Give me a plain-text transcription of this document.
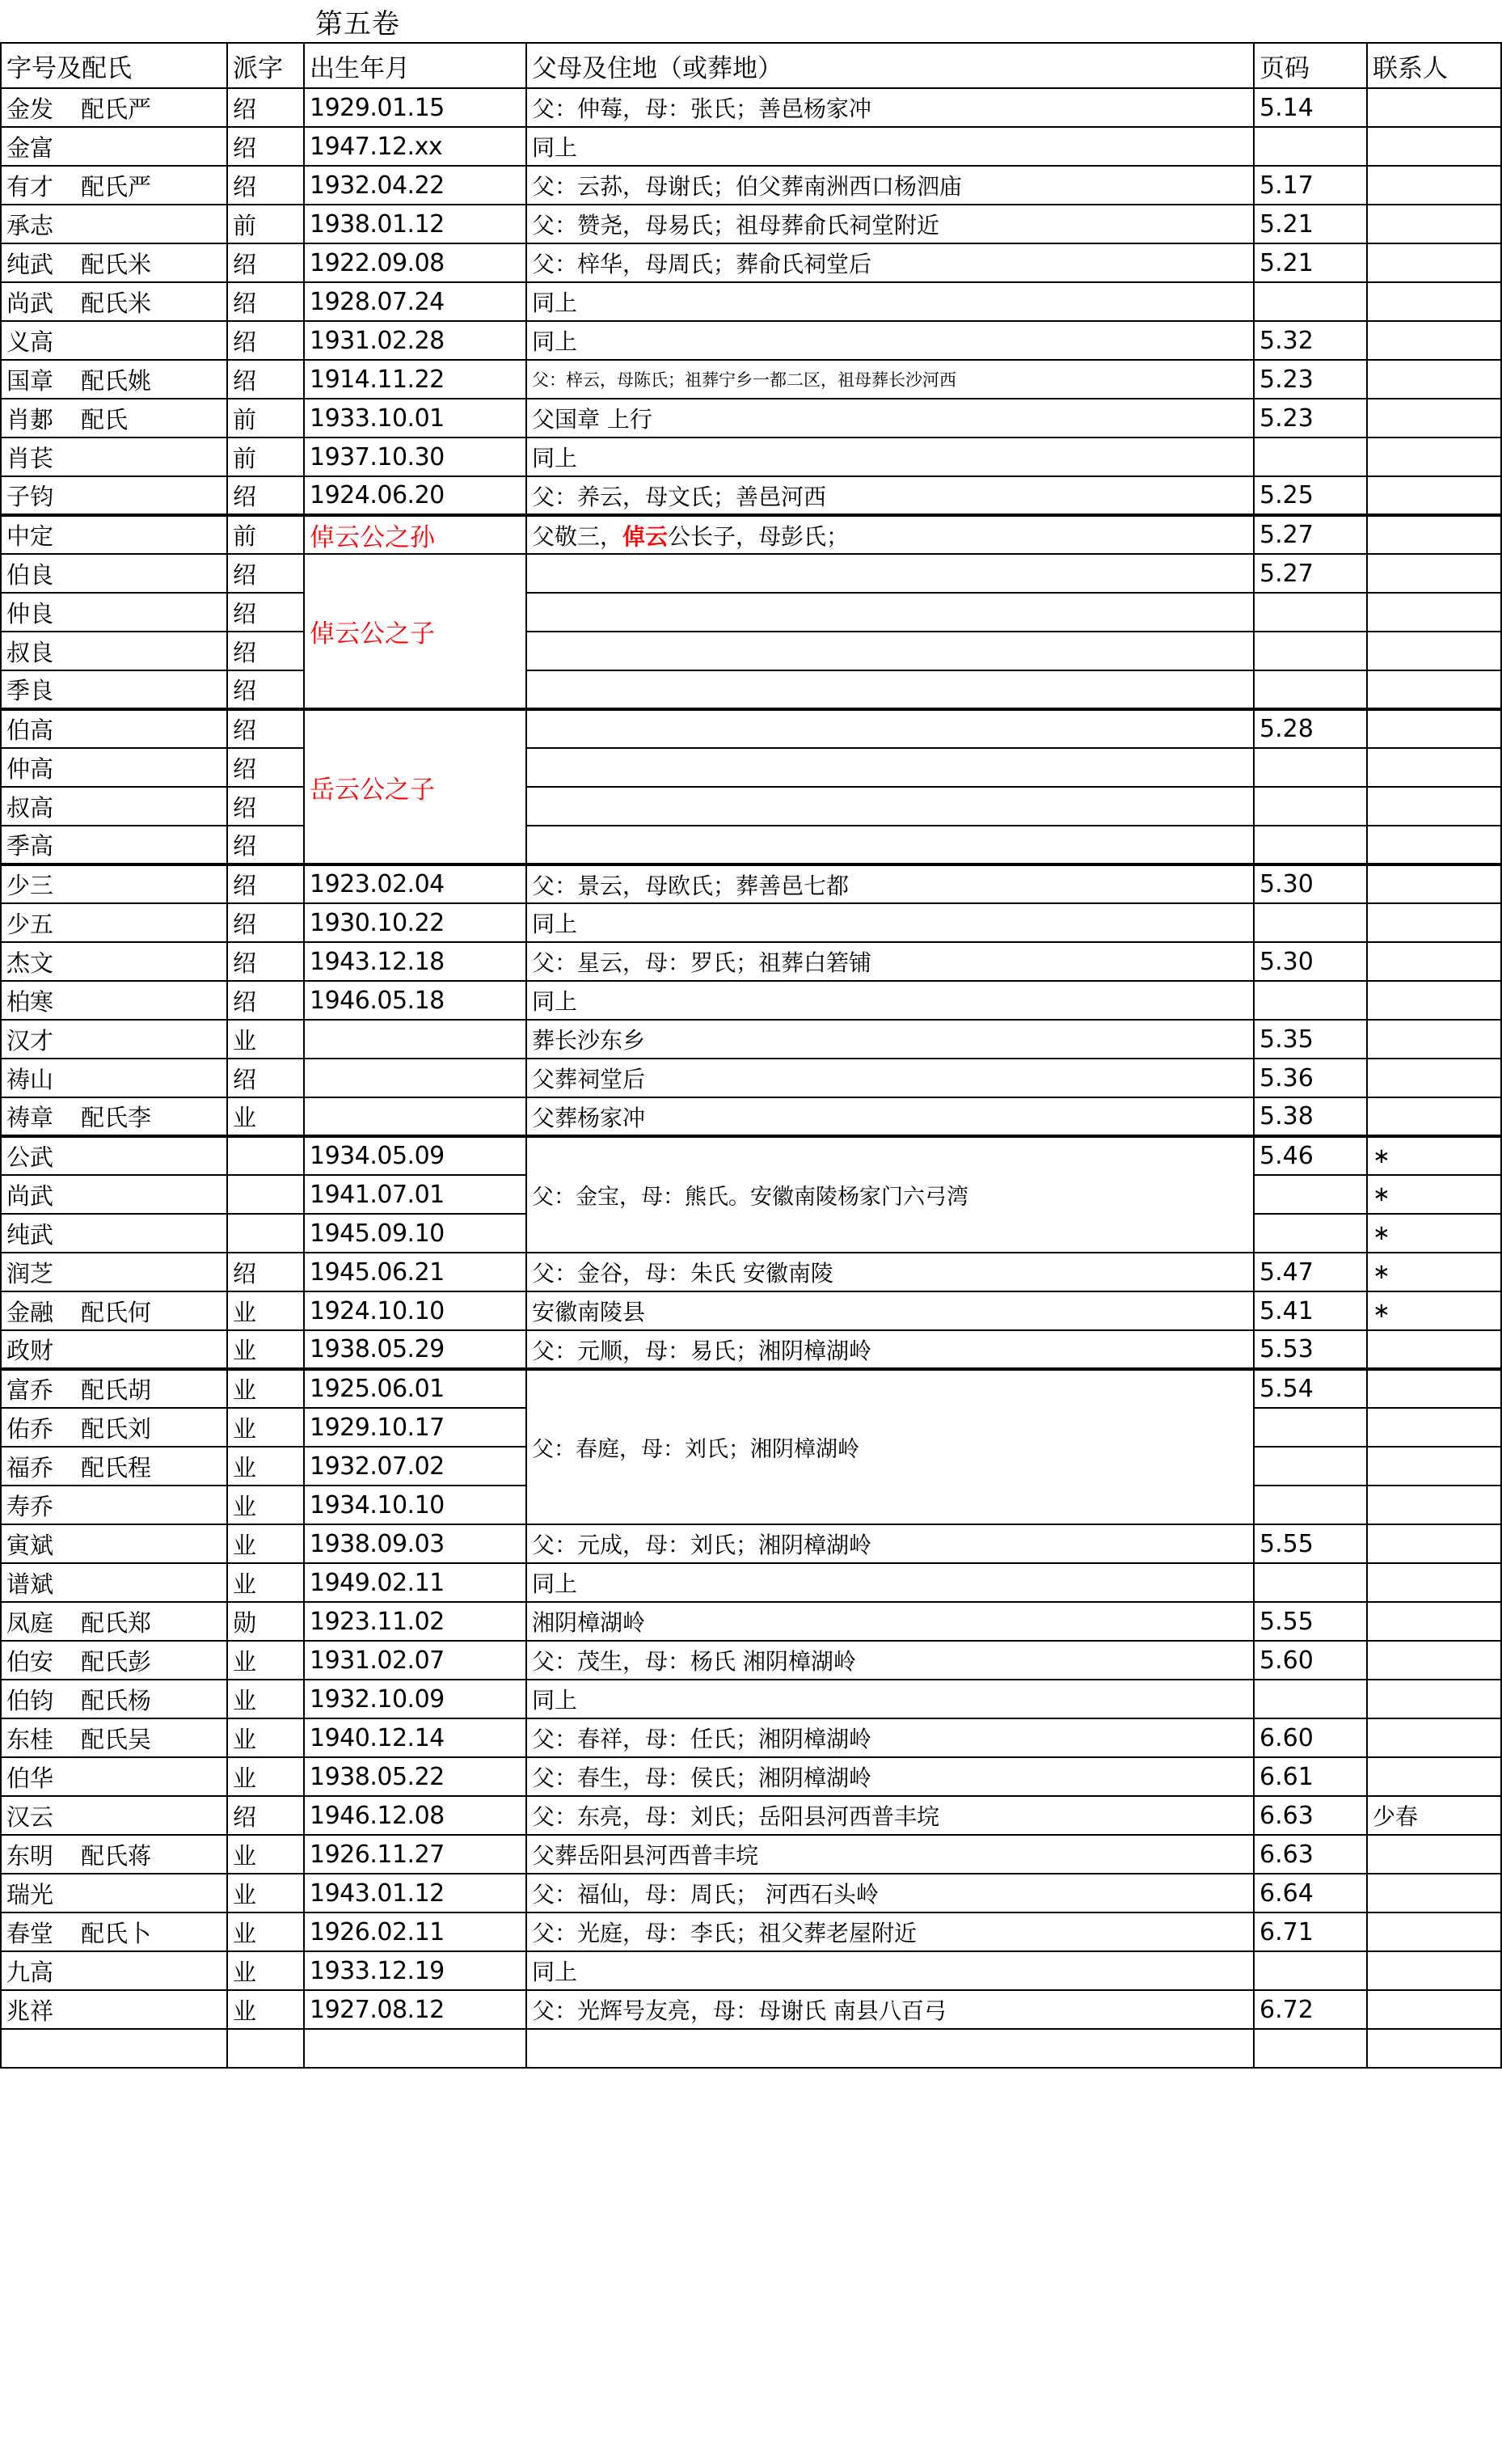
第五卷
字号及配氏	派字	出生年月	父母及住地（或葬地）	页码	联系人
金发 配氏严	绍	1929.01.15	父：仲莓，母：张氏；善邑杨家冲	5.14	
金富	绍	1947.12.xx	同上		
有才 配氏严	绍	1932.04.22	父：云荪，母谢氏；伯父葬南洲西口杨泗庙	5.17	
承志	前	1938.01.12	父：赞尧，母易氏；祖母葬俞氏祠堂附近	5.21	
纯武 配氏米	绍	1922.09.08	父：梓华，母周氏；葬俞氏祠堂后	5.21	
尚武 配氏米	绍	1928.07.24	同上		
义高	绍	1931.02.28	同上	5.32	
国章 配氏姚	绍	1914.11.22	父：梓云，母陈氏；祖葬宁乡一都二区，祖母葬长沙河西	5.23	
肖郪 配氏	前	1933.10.01	父国章 上行	5.23	
肖苌	前	1937.10.30	同上		
子钧	绍	1924.06.20	父：养云，母文氏；善邑河西	5.25	
中定	前	倬云公之孙	父敬三，倬云公长子，母彭氏；	5.27	
伯良	绍	倬云公之子		5.27	
仲良	绍				
叔良	绍				
季良	绍				
伯高	绍	岳云公之子		5.28	
仲高	绍				
叔高	绍				
季高	绍				
少三	绍	1923.02.04	父：景云，母欧氏；葬善邑七都	5.30	
少五	绍	1930.10.22	同上		
杰文	绍	1943.12.18	父：星云，母：罗氏；祖葬白箬铺	5.30	
柏寒	绍	1946.05.18	同上		
汉才	业		葬长沙东乡	5.35	
祷山	绍		父葬祠堂后	5.36	
祷章 配氏李	业		父葬杨家冲	5.38	
公武		1934.05.09	父：金宝，母：熊氏。安徽南陵杨家门六弓湾	5.46	∗
尚武		1941.07.01			∗
纯武		1945.09.10			∗
润芝	绍	1945.06.21	父：金谷，母：朱氏 安徽南陵	5.47	∗
金融 配氏何	业	1924.10.10	安徽南陵县	5.41	∗
政财	业	1938.05.29	父：元顺，母：易氏；湘阴樟湖岭	5.53	
富乔 配氏胡	业	1925.06.01	父：春庭，母：刘氏；湘阴樟湖岭	5.54	
佑乔 配氏刘	业	1929.10.17			
福乔 配氏程	业	1932.07.02			
寿乔	业	1934.10.10			
寅斌	业	1938.09.03	父：元成，母：刘氏；湘阴樟湖岭	5.55	
谱斌	业	1949.02.11	同上		
凤庭 配氏郑	勋	1923.11.02	湘阴樟湖岭	5.55	
伯安 配氏彭	业	1931.02.07	父：茂生，母：杨氏 湘阴樟湖岭	5.60	
伯钧 配氏杨	业	1932.10.09	同上		
东桂 配氏吴	业	1940.12.14	父：春祥，母：任氏；湘阴樟湖岭	6.60	
伯华	业	1938.05.22	父：春生，母：侯氏；湘阴樟湖岭	6.61	
汉云	绍	1946.12.08	父：东亮，母：刘氏；岳阳县河西普丰垸	6.63	少春
东明 配氏蒋	业	1926.11.27	父葬岳阳县河西普丰垸	6.63	
瑞光	业	1943.01.12	父：福仙，母：周氏； 河西石头岭	6.64	
春堂 配氏卜	业	1926.02.11	父：光庭，母：李氏；祖父葬老屋附近	6.71	
九高	业	1933.12.19	同上		
兆祥	业	1927.08.12	父：光辉号友亮，母：母谢氏 南县八百弓	6.72	
